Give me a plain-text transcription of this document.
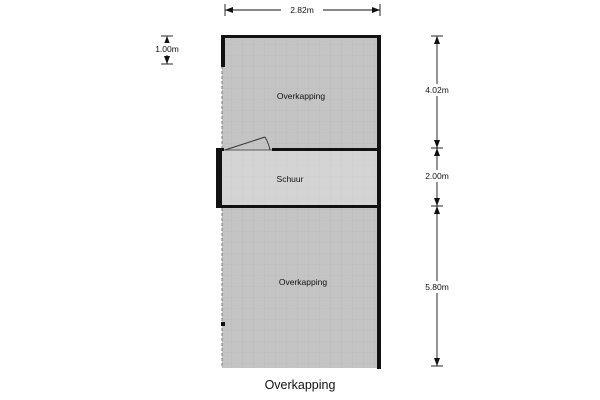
2.82m
1.00m
4.02m
2.00m
5.80m
Overkapping
Schuur
Overkapping
Overkapping
